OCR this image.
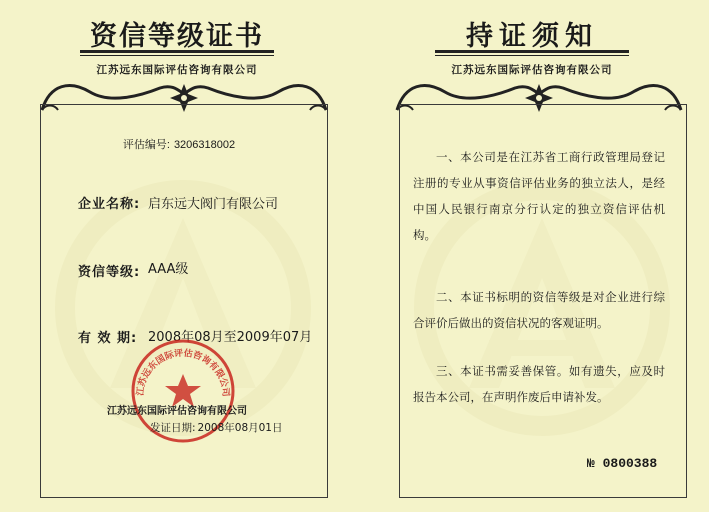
资信等级证书
江苏远东国际评估咨询有限公司
评估编号: 3206318002
企业名称: 启东远大阀门有限公司
资信等级: AAA级
有 效 期: 2008年08月至2009年07月
江苏远东国际评估咨询有限公司
江苏远东国际评估咨询有限公司
发证日期: 2008年08月01日
持证须知
江苏远东国际评估咨询有限公司
一、本公司是在江苏省工商行政管理局登记注册的专业从事资信评估业务的独立法人，是经中国人民银行南京分行认定的独立资信评估机构。
二、本证书标明的资信等级是对企业进行综合评价后做出的资信状况的客观证明。
三、本证书需妥善保管。如有遗失，应及时报告本公司，在声明作废后申请补发。
№ 0800388
